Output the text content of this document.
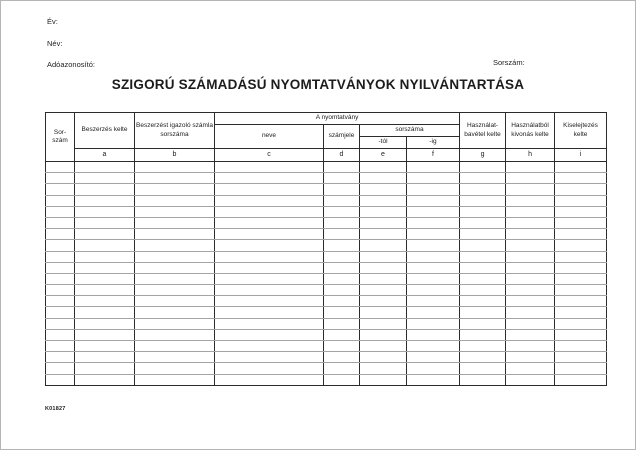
Év:
Név:
Adóazonosító:	Sorszám:
SZIGORÚ SZÁMADÁSÚ NYOMTATVÁNYOK NYILVÁNTARTÁSA
Sor-szám	Beszerzés kelte	Beszerzést igazoló számla sorszáma	A nyomtatvány				Használat-bavétel kelte	Használatból kivonás kelte	Kiselejtezés kelte
			neve	számjele	sorszáma				
					-tól	-ig			
	a	b	c	d	e	f	g	h	i

K01827
